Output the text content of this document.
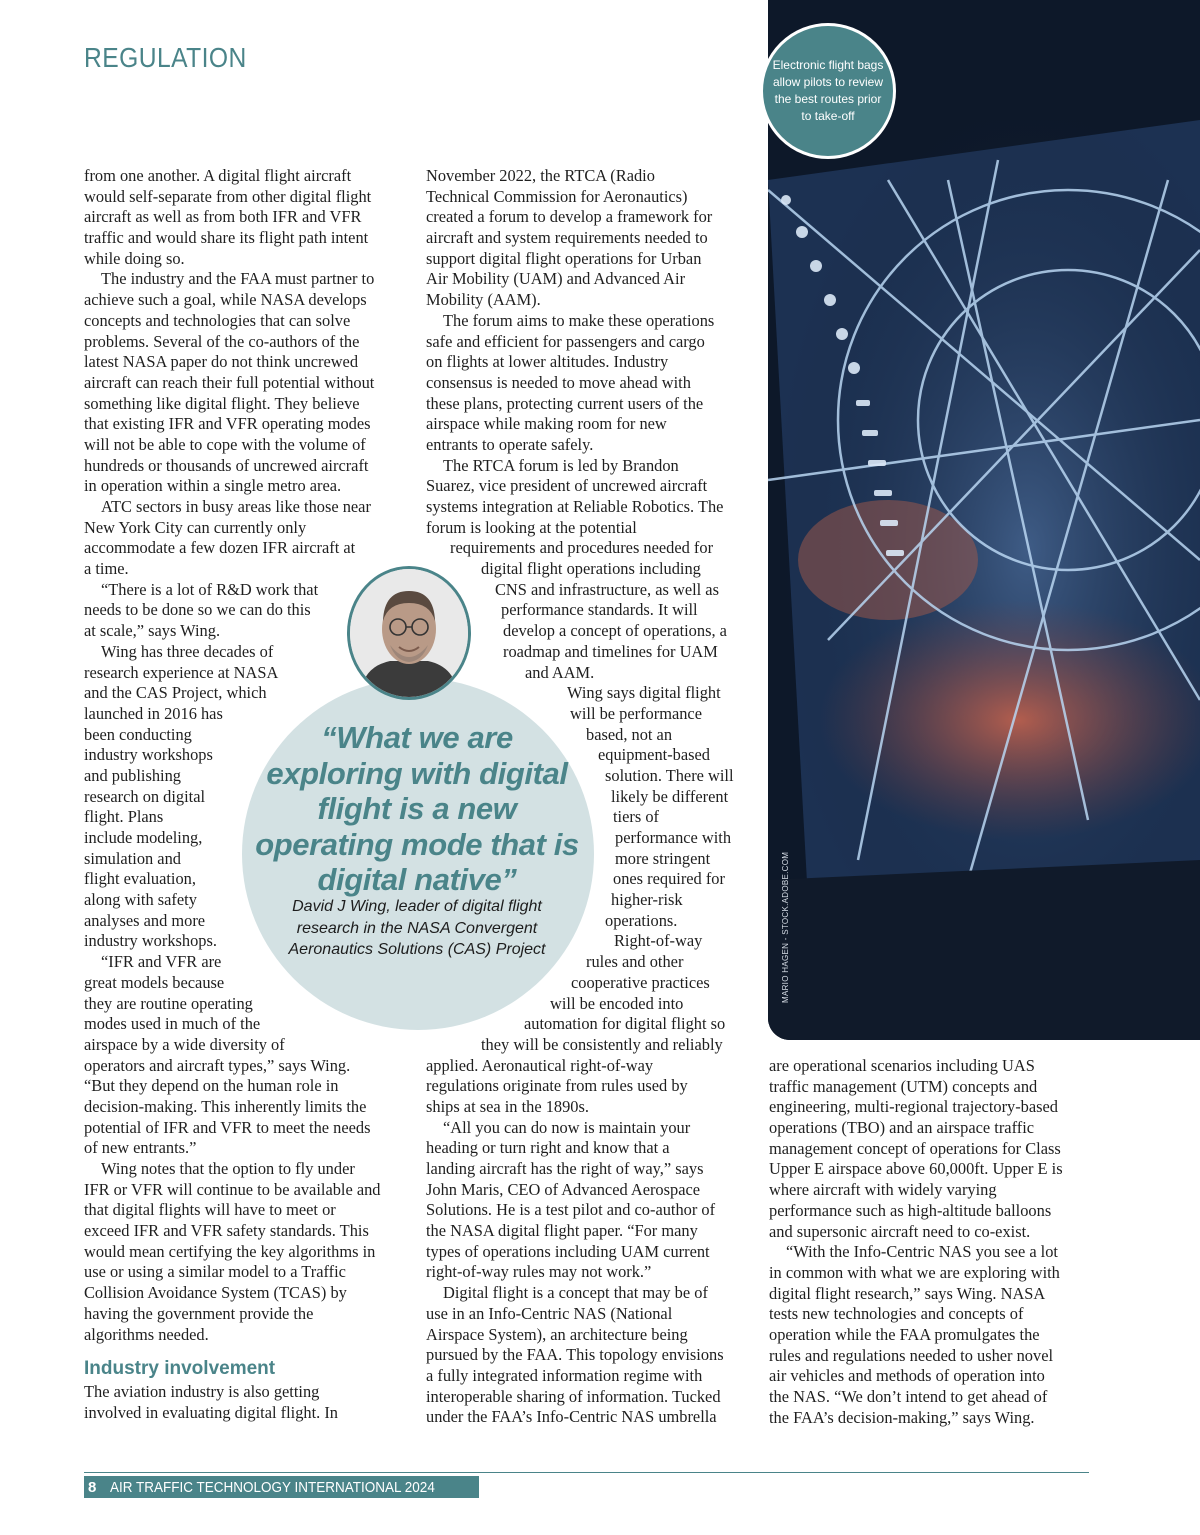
REGULATION
MARIO HAGEN - STOCK.ADOBE.COM
Electronic flight bags allow pilots to review the best routes prior to take-off
from one another. A digital flight aircraft
would self-separate from other digital flight
aircraft as well as from both IFR and VFR
traffic and would share its flight path intent
while doing so.
The industry and the FAA must partner to
achieve such a goal, while NASA develops
concepts and technologies that can solve
problems. Several of the co-authors of the
latest NASA paper do not think uncrewed
aircraft can reach their full potential without
something like digital flight. They believe
that existing IFR and VFR operating modes
will not be able to cope with the volume of
hundreds or thousands of uncrewed aircraft
in operation within a single metro area.
ATC sectors in busy areas like those near
New York City can currently only
accommodate a few dozen IFR aircraft at
a time.
“There is a lot of R&D work that
needs to be done so we can do this
at scale,” says Wing.
Wing has three decades of
research experience at NASA
and the CAS Project, which
launched in 2016 has
been conducting
industry workshops
and publishing
research on digital
flight. Plans
include modeling,
simulation and
flight evaluation,
along with safety
analyses and more
industry workshops.
“IFR and VFR are
great models because
they are routine operating
modes used in much of the
airspace by a wide diversity of
operators and aircraft types,” says Wing.
“But they depend on the human role in
decision-making. This inherently limits the
potential of IFR and VFR to meet the needs
of new entrants.”
Wing notes that the option to fly under
IFR or VFR will continue to be available and
that digital flights will have to meet or
exceed IFR and VFR safety standards. This
would mean certifying the key algorithms in
use or using a similar model to a Traffic
Collision Avoidance System (TCAS) by
having the government provide the
algorithms needed.
Industry involvement
The aviation industry is also getting
involved in evaluating digital flight. In
November 2022, the RTCA (Radio
Technical Commission for Aeronautics)
created a forum to develop a framework for
aircraft and system requirements needed to
support digital flight operations for Urban
Air Mobility (UAM) and Advanced Air
Mobility (AAM).
The forum aims to make these operations
safe and efficient for passengers and cargo
on flights at lower altitudes. Industry
consensus is needed to move ahead with
these plans, protecting current users of the
airspace while making room for new
entrants to operate safely.
The RTCA forum is led by Brandon
Suarez, vice president of uncrewed aircraft
systems integration at Reliable Robotics. The
forum is looking at the potential
requirements and procedures needed for
digital flight operations including
CNS and infrastructure, as well as
performance standards. It will
develop a concept of operations, a
roadmap and timelines for UAM
and AAM.
Wing says digital flight
will be performance
based, not an
equipment-based
solution. There will
likely be different
tiers of
performance with
more stringent
ones required for
higher-risk
operations.
Right-of-way
rules and other
cooperative practices
will be encoded into
automation for digital flight so
they will be consistently and reliably
applied. Aeronautical right-of-way
regulations originate from rules used by
ships at sea in the 1890s.
“All you can do now is maintain your
heading or turn right and know that a
landing aircraft has the right of way,” says
John Maris, CEO of Advanced Aerospace
Solutions. He is a test pilot and co-author of
the NASA digital flight paper. “For many
types of operations including UAM current
right-of-way rules may not work.”
Digital flight is a concept that may be of
use in an Info-Centric NAS (National
Airspace System), an architecture being
pursued by the FAA. This topology envisions
a fully integrated information regime with
interoperable sharing of information. Tucked
under the FAA’s Info-Centric NAS umbrella
are operational scenarios including UAS
traffic management (UTM) concepts and
engineering, multi-regional trajectory-based
operations (TBO) and an airspace traffic
management concept of operations for Class
Upper E airspace above 60,000ft. Upper E is
where aircraft with widely varying
performance such as high-altitude balloons
and supersonic aircraft need to co-exist.
“With the Info-Centric NAS you see a lot
in common with what we are exploring with
digital flight research,” says Wing. NASA
tests new technologies and concepts of
operation while the FAA promulgates the
rules and regulations needed to usher novel
air vehicles and methods of operation into
the NAS. “We don’t intend to get ahead of
the FAA’s decision-making,” says Wing.
“What we are exploring with digital flight is a new operating mode that is digital native”
David J Wing, leader of digital flight research in the NASA Convergent Aeronautics Solutions (CAS) Project
8 AIR TRAFFIC TECHNOLOGY INTERNATIONAL 2024
